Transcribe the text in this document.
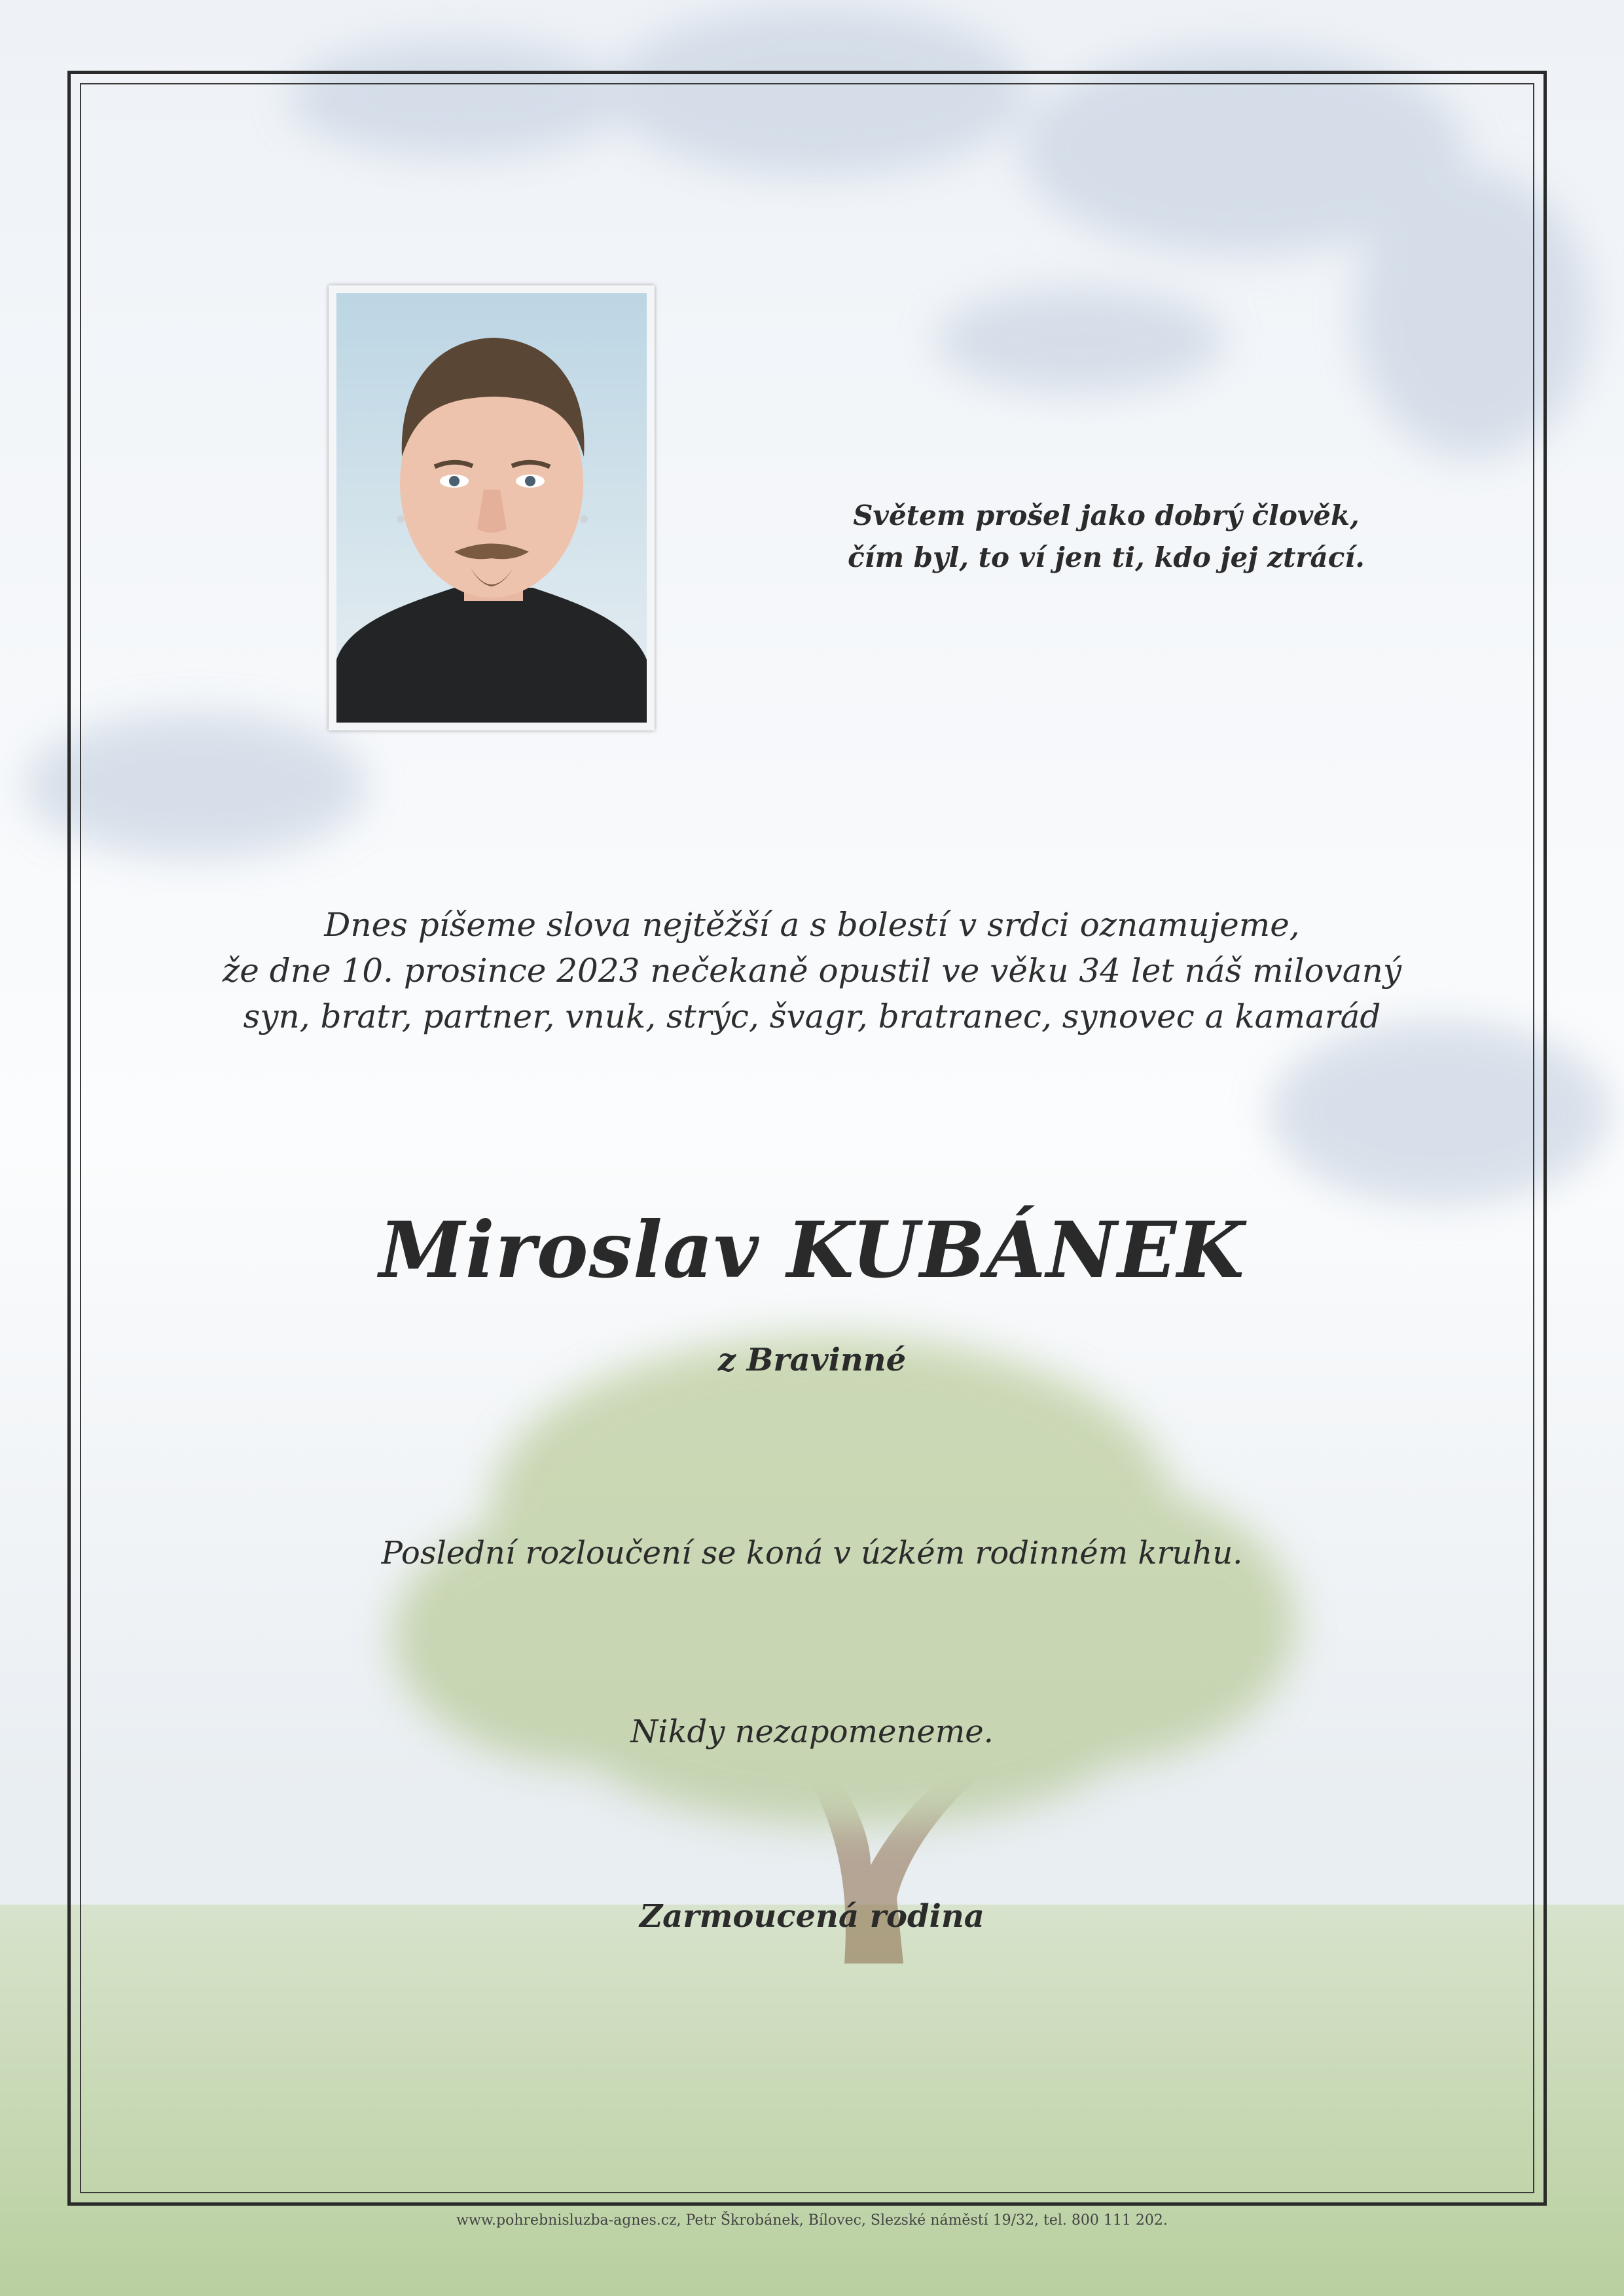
Světem prošel jako dobrý člověk,
čím byl, to ví jen ti, kdo jej ztrácí.
Dnes píšeme slova nejtěžší a s bolestí v srdci oznamujeme,
že dne 10. prosince 2023 nečekaně opustil ve věku 34 let náš milovaný
syn, bratr, partner, vnuk, strýc, švagr, bratranec, synovec a kamarád
Miroslav KUBÁNEK
z Bravinné
Poslední rozloučení se koná v úzkém rodinném kruhu.
Nikdy nezapomeneme.
Zarmoucená rodina
www.pohrebnisluzba-agnes.cz, Petr Škrobánek, Bílovec, Slezské náměstí 19/32, tel. 800 111 202.
